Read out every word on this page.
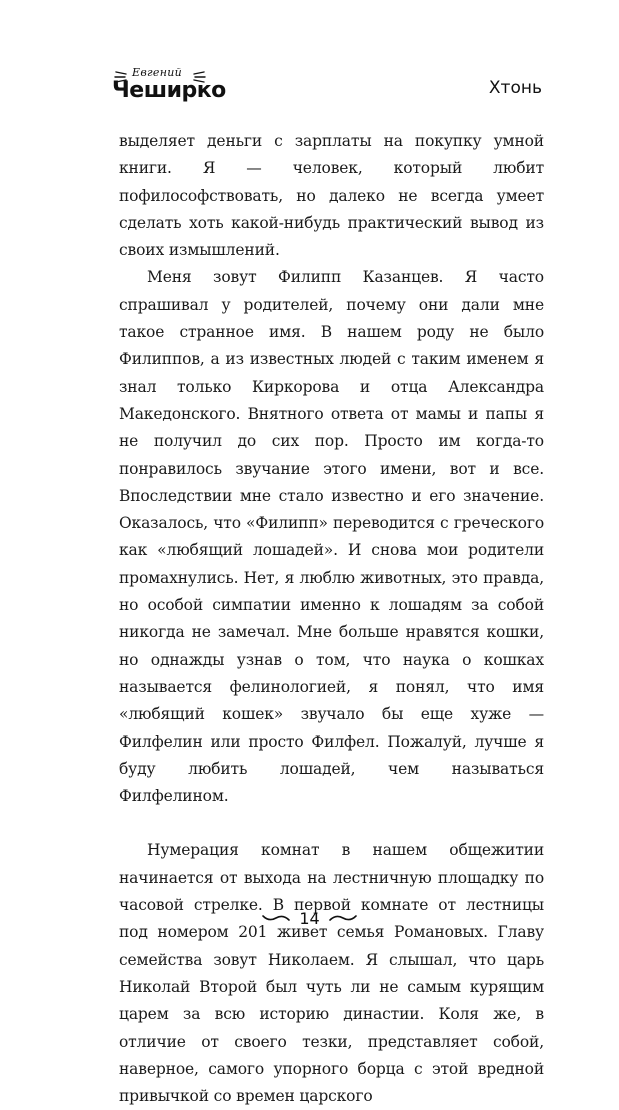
Евгений
Чеширко	Хтонь

выделяет деньги с зарплаты на покупку умной книги. Я — человек, который любит пофилософствовать, но далеко не всегда умеет сделать хоть какой-нибудь практический вывод из своих измышлений.

Меня зовут Филипп Казанцев. Я часто спрашивал у родителей, почему они дали мне такое странное имя. В нашем роду не было Филиппов, а из известных людей с таким именем я знал только Киркорова и отца Александра Македонского. Внятного ответа от мамы и папы я не получил до сих пор. Просто им когда-то понравилось звучание этого имени, вот и все. Впоследствии мне стало известно и его значение. Оказалось, что «Филипп» переводится с греческого как «любящий лошадей». И снова мои родители промахнулись. Нет, я люблю животных, это правда, но особой симпатии именно к лошадям за собой никогда не замечал. Мне больше нравятся кошки, но однажды узнав о том, что наука о кошках называется фелинологией, я понял, что имя «любящий кошек» звучало бы еще хуже — Филфелин или просто Филфел. Пожалуй, лучше я буду любить лошадей, чем называться Филфелином.

Нумерация комнат в нашем общежитии начинается от выхода на лестничную площадку по часовой стрелке. В первой комнате от лестницы под номером 201 живет семья Романовых. Главу семейства зовут Николаем. Я слышал, что царь Николай Второй был чуть ли не самым курящим царем за всю историю династии. Коля же, в отличие от своего тезки, представляет собой, наверное, самого упорного борца с этой вредной привычкой со времен царского

14
